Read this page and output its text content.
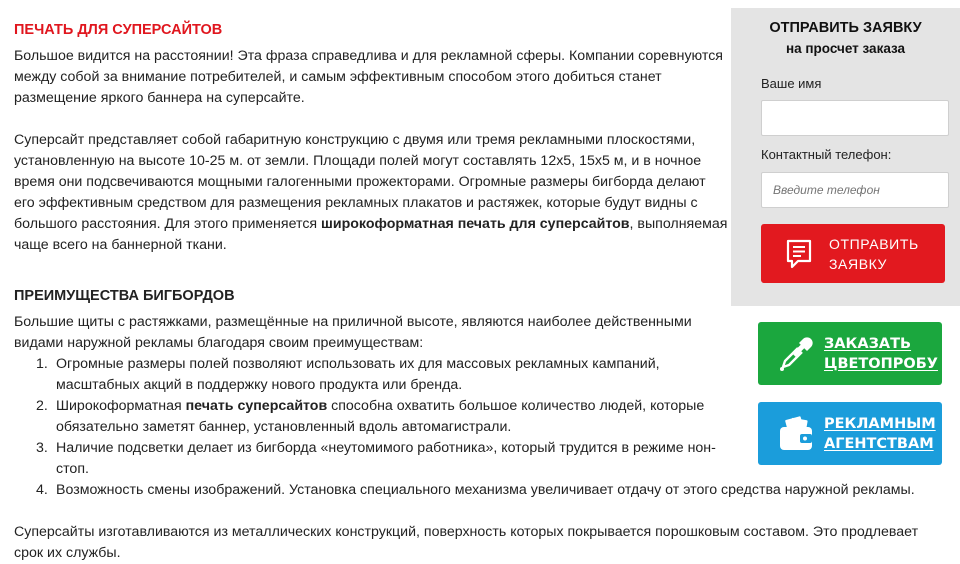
ПЕЧАТЬ ДЛЯ СУПЕРСАЙТОВ

Большое видится на расстоянии! Эта фраза справедлива и для рекламной сферы. Компании соревнуются между собой за внимание потребителей, и самым эффективным способом этого добиться станет размещение яркого баннера на суперсайте.

Суперсайт представляет собой габаритную конструкцию с двумя или тремя рекламными плоскостями, установленную на высоте 10-25 м. от земли. Площади полей могут составлять 12х5, 15х5 м, и в ночное время они подсвечиваются мощными галогенными прожекторами. Огромные размеры бигборда делают его эффективным средством для размещения рекламных плакатов и растяжек, которые будут видны с большого расстояния. Для этого применяется широкоформатная печать для суперсайтов, выполняемая чаще всего на баннерной ткани.

ПРЕИМУЩЕСТВА БИГБОРДОВ

Большие щиты с растяжками, размещённые на приличной высоте, являются наиболее действенными видами наружной рекламы благодаря своим преимуществам:

1. Огромные размеры полей позволяют использовать их для массовых рекламных кампаний, масштабных акций в поддержку нового продукта или бренда.
2. Широкоформатная печать суперсайтов способна охватить большое количество людей, которые обязательно заметят баннер, установленный вдоль автомагистрали.
3. Наличие подсветки делает из бигборда «неутомимого работника», который трудится в режиме нон-стоп.
4. Возможность смены изображений. Установка специального механизма увеличивает отдачу от этого средства наружной рекламы.

Суперсайты изготавливаются из металлических конструкций, поверхность которых покрывается порошковым составом. Это продлевает срок их службы.

ОТПРАВИТЬ ЗАЯВКУ
на просчет заказа
Ваше имя
Контактный телефон:
Введите телефон
ОТПРАВИТЬ
ЗАЯВКУ
ЗАКАЗАТЬ
ЦВЕТОПРОБУ
РЕКЛАМНЫМ
АГЕНТСТВАМ
